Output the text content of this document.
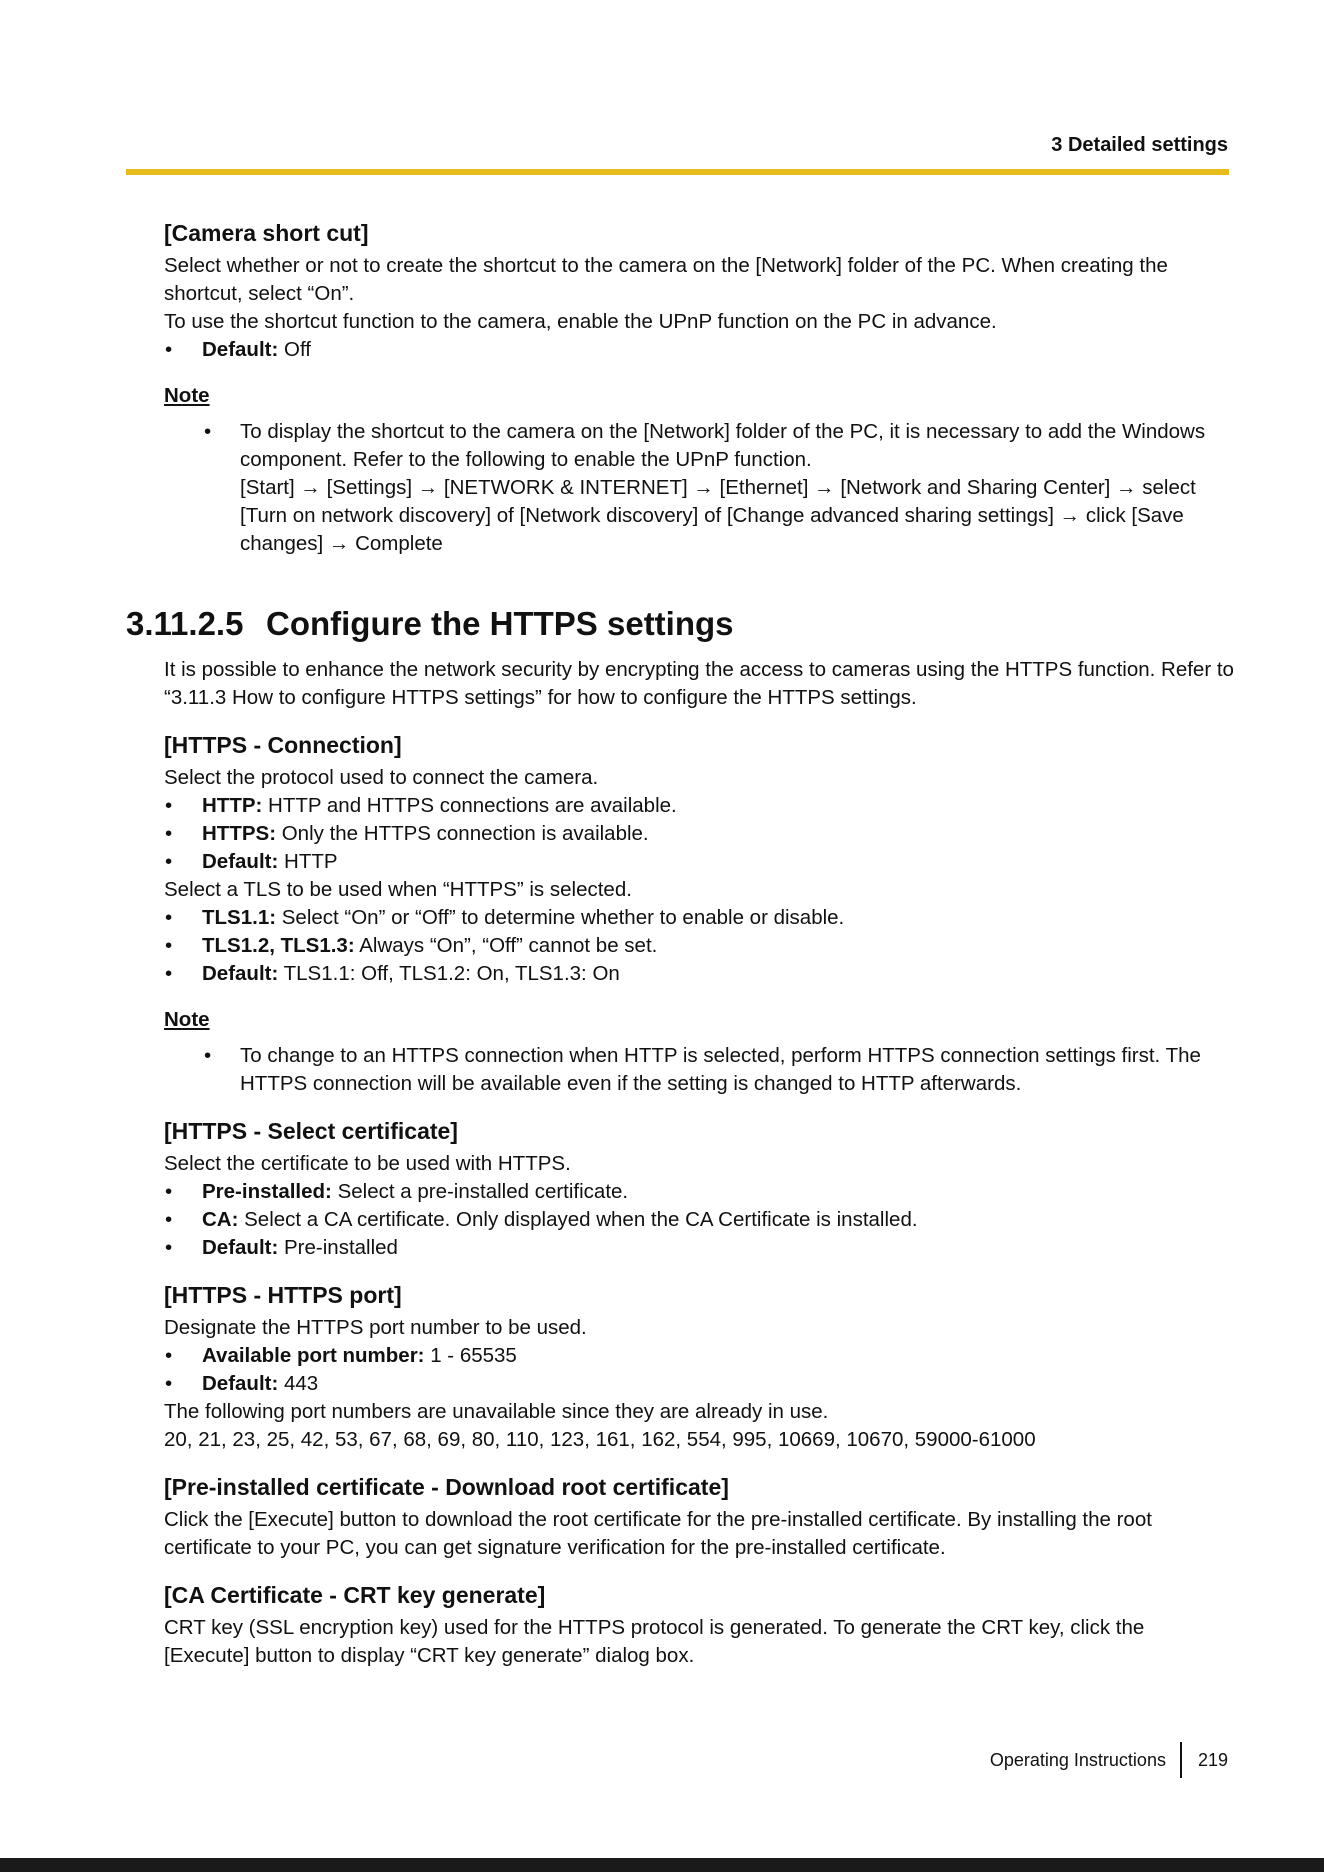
3 Detailed settings
[Camera short cut]

Select whether or not to create the shortcut to the camera on the [Network] folder of the PC. When creating the shortcut, select “On”.

To use the shortcut function to the camera, enable the UPnP function on the PC in advance.

• Default: Off
Note
• To display the shortcut to the camera on the [Network] folder of the PC, it is necessary to add the Windows component. Refer to the following to enable the UPnP function.
[Start] → [Settings] → [NETWORK & INTERNET] → [Ethernet] → [Network and Sharing Center] → select [Turn on network discovery] of [Network discovery] of [Change advanced sharing settings] → click [Save changes] → Complete
3.11.2.5 Configure the HTTPS settings

It is possible to enhance the network security by encrypting the access to cameras using the HTTPS function. Refer to “3.11.3 How to configure HTTPS settings” for how to configure the HTTPS settings.

[HTTPS - Connection]

Select the protocol used to connect the camera.

• HTTP: HTTP and HTTPS connections are available.
• HTTPS: Only the HTTPS connection is available.
• Default: HTTP

Select a TLS to be used when “HTTPS” is selected.

• TLS1.1: Select “On” or “Off” to determine whether to enable or disable.
• TLS1.2, TLS1.3: Always “On”, “Off” cannot be set.
• Default: TLS1.1: Off, TLS1.2: On, TLS1.3: On
Note
• To change to an HTTPS connection when HTTP is selected, perform HTTPS connection settings first. The HTTPS connection will be available even if the setting is changed to HTTP afterwards.
[HTTPS - Select certificate]

Select the certificate to be used with HTTPS.

• Pre-installed: Select a pre-installed certificate.
• CA: Select a CA certificate. Only displayed when the CA Certificate is installed.
• Default: Pre-installed
[HTTPS - HTTPS port]

Designate the HTTPS port number to be used.

• Available port number: 1 - 65535
• Default: 443

The following port numbers are unavailable since they are already in use.

20, 21, 23, 25, 42, 53, 67, 68, 69, 80, 110, 123, 161, 162, 554, 995, 10669, 10670, 59000-61000

[Pre-installed certificate - Download root certificate]

Click the [Execute] button to download the root certificate for the pre-installed certificate. By installing the root certificate to your PC, you can get signature verification for the pre-installed certificate.

[CA Certificate - CRT key generate]

CRT key (SSL encryption key) used for the HTTPS protocol is generated. To generate the CRT key, click the [Execute] button to display “CRT key generate” dialog box.

Operating Instructions 219
